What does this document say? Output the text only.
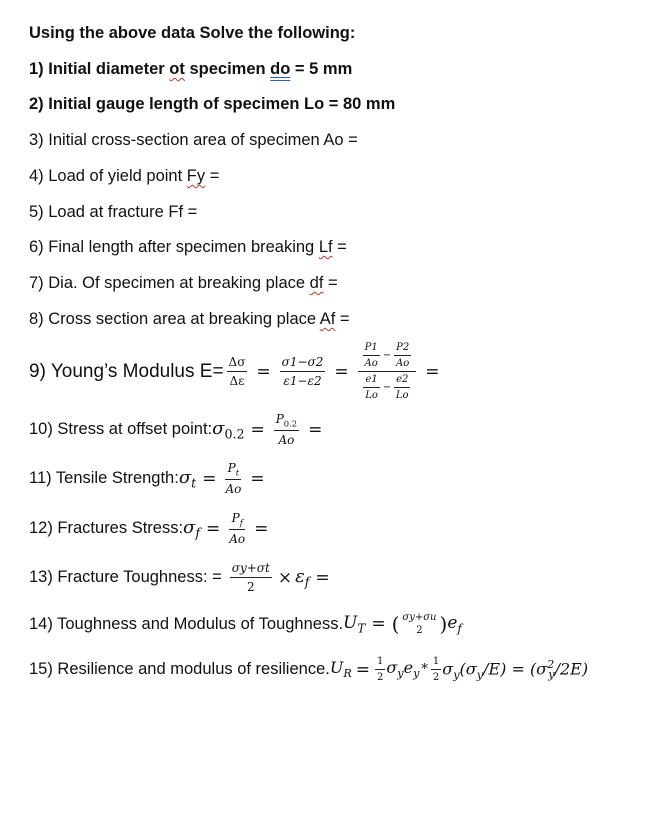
Using the above data Solve the following:
1) Initial diameter ot specimen do = 5 mm
2) Initial gauge length of specimen Lo = 80 mm
3) Initial cross-section area of specimen Ao =
4) Load of yield point Fy =
5) Load at fracture Ff =
6) Final length after specimen breaking Lf =
7) Dia. Of specimen at breaking place df =
8) Cross section area at breaking place Af =
9) Young’s Modulus $E= \frac{\Delta\sigma}{\Delta\varepsilon} = \frac{\sigma 1-\sigma 2}{\varepsilon 1-\varepsilon 2} = \frac{\frac{P1}{Ao} - \frac{P2}{Ao}}{\frac{e1}{Lo} - \frac{e2}{Lo}}$ =
10) Stress at offset point: $\sigma_{0.2} = \frac{P_{0.2}}{Ao}$ =
11) Tensile Strength: $\sigma_t = \frac{P_t}{Ao}$ =
12) Fractures Stress: $\sigma_f = \frac{P_f}{Ao}$ =
13) Fracture Toughness: = $\frac{\sigma y+\sigma t}{2} \times \varepsilon_f$ =
14) Toughness and Modulus of Toughness. $U_T$ = ( σy+σu
2 ) $e_f$
15) Resilience and modulus of resilience. $U_R = \frac{1}{2} \sigma_ye_y * \frac{1}{2} \sigma_y(\sigma_y/E) = (\sigma^2_y/2E)$
